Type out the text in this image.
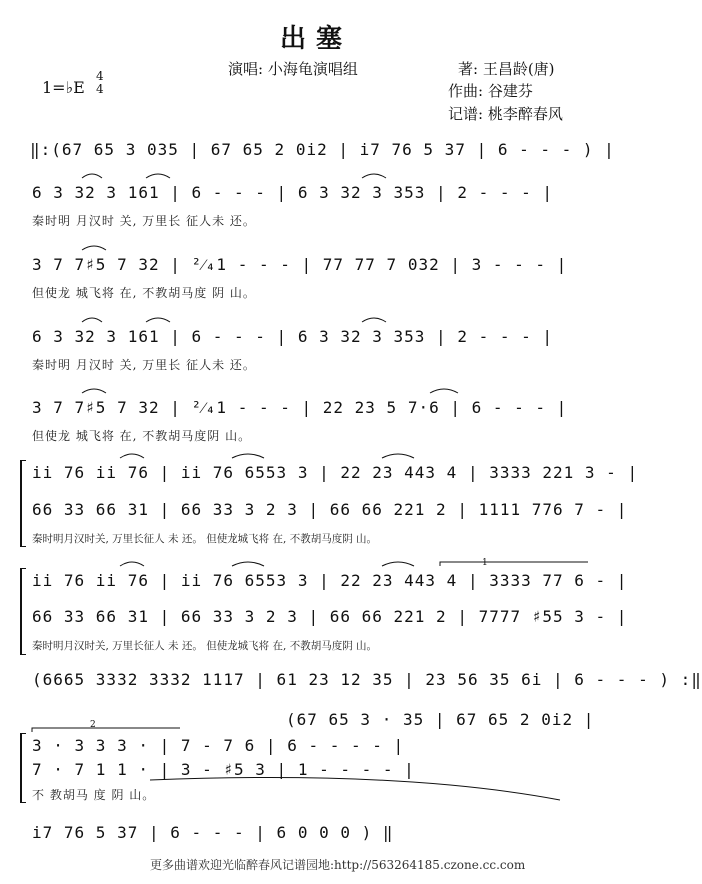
出塞
演唱: 小海龟演唱组	著: 王昌龄(唐)
作曲: 谷建芬
记谱: 桃李醉春风
1=♭E
4
4
‖:(67 65 3 035 | 67 65 2 0i2 | i7 76 5 37 | 6 - - - ) |
6 3 32 3 161 | 6 - - - | 6 3 32 3 353 | 2 - - - |
秦时明 月汉时 关, 万里长 征人未 还。
3 7 7♯5 7 32 | ²⁄₄1 - - - | 77 77 7 032 | 3 - - - |
但使龙 城飞将 在, 不教胡马度 阴 山。
6 3 32 3 161 | 6 - - - | 6 3 32 3 353 | 2 - - - |
秦时明 月汉时 关, 万里长 征人未 还。
3 7 7♯5 7 32 | ²⁄₄1 - - - | 22 23 5 7·6 | 6 - - - |
但使龙 城飞将 在, 不教胡马度阴 山。
ii 76 ii 76 | ii 76 6553 3 | 22 23 443 4 | 3333 221 3 - |
66 33 66 31 | 66 33 3 2 3 | 66 66 221 2 | 1111 776 7 - |
秦时明月汉时关, 万里长征人 未 还。 但使龙城飞将 在, 不教胡马度阴 山。
1
ii 76 ii 76 | ii 76 6553 3 | 22 23 443 4 | 3333 77 6 - |
66 33 66 31 | 66 33 3 2 3 | 66 66 221 2 | 7777 ♯55 3 - |
秦时明月汉时关, 万里长征人 未 还。 但使龙城飞将 在, 不教胡马度阴 山。
(6665 3332 3332 1117 | 61 23 12 35 | 23 56 35 6i | 6 - - - ) :‖
(67 65 3 · 35 | 67 65 2 0i2 |
2
3 · 3 3 3 · | 7 - 7 6 | 6 - - - - |
7 · 7 1 1 · | 3 - ♯5 3 | 1 - - - - |
不 教胡马 度 阴 山。
i7 76 5 37 | 6 - - - | 6 0 0 0 ) ‖
更多曲谱欢迎光临醉春风记谱园地:http://563264185.czone.cc.com
